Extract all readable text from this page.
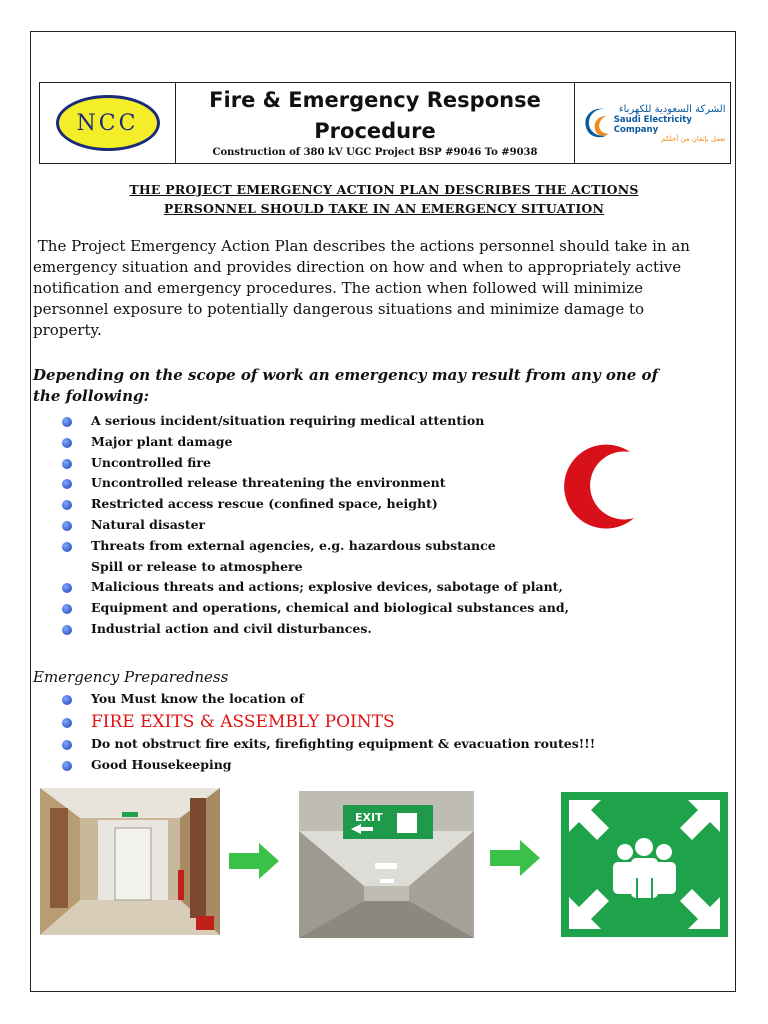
NCC
Fire & Emergency Response
Procedure
Construction of 380 kV UGC Project BSP #9046 To #9038
الشركة السعودية للكهرباء
Saudi Electricity Company
نعمل بإتقان من أجلكم
THE PROJECT EMERGENCY ACTION PLAN DESCRIBES THE ACTIONS
PERSONNEL SHOULD TAKE IN AN EMERGENCY SITUATION
The Project Emergency Action Plan describes the actions personnel should take in an emergency situation and provides direction on how and when to appropriately active notification and emergency procedures. The action when followed will minimize personnel exposure to potentially dangerous situations and minimize damage to property.
Depending on the scope of work an emergency may result from any one of the following:
A serious incident/situation requiring medical attention
Major plant damage
Uncontrolled fire
Uncontrolled release threatening the environment
Restricted access rescue (confined space, height)
Natural disaster
Threats from external agencies, e.g. hazardous substance
Spill or release to atmosphere
Malicious threats and actions; explosive devices, sabotage of plant,
Equipment and operations, chemical and biological substances and,
Industrial action and civil disturbances.
Emergency Preparedness
You Must know the location of
FIRE EXITS & ASSEMBLY POINTS
Do not obstruct fire exits, firefighting equipment & evacuation routes!!!
Good Housekeeping
EXIT
